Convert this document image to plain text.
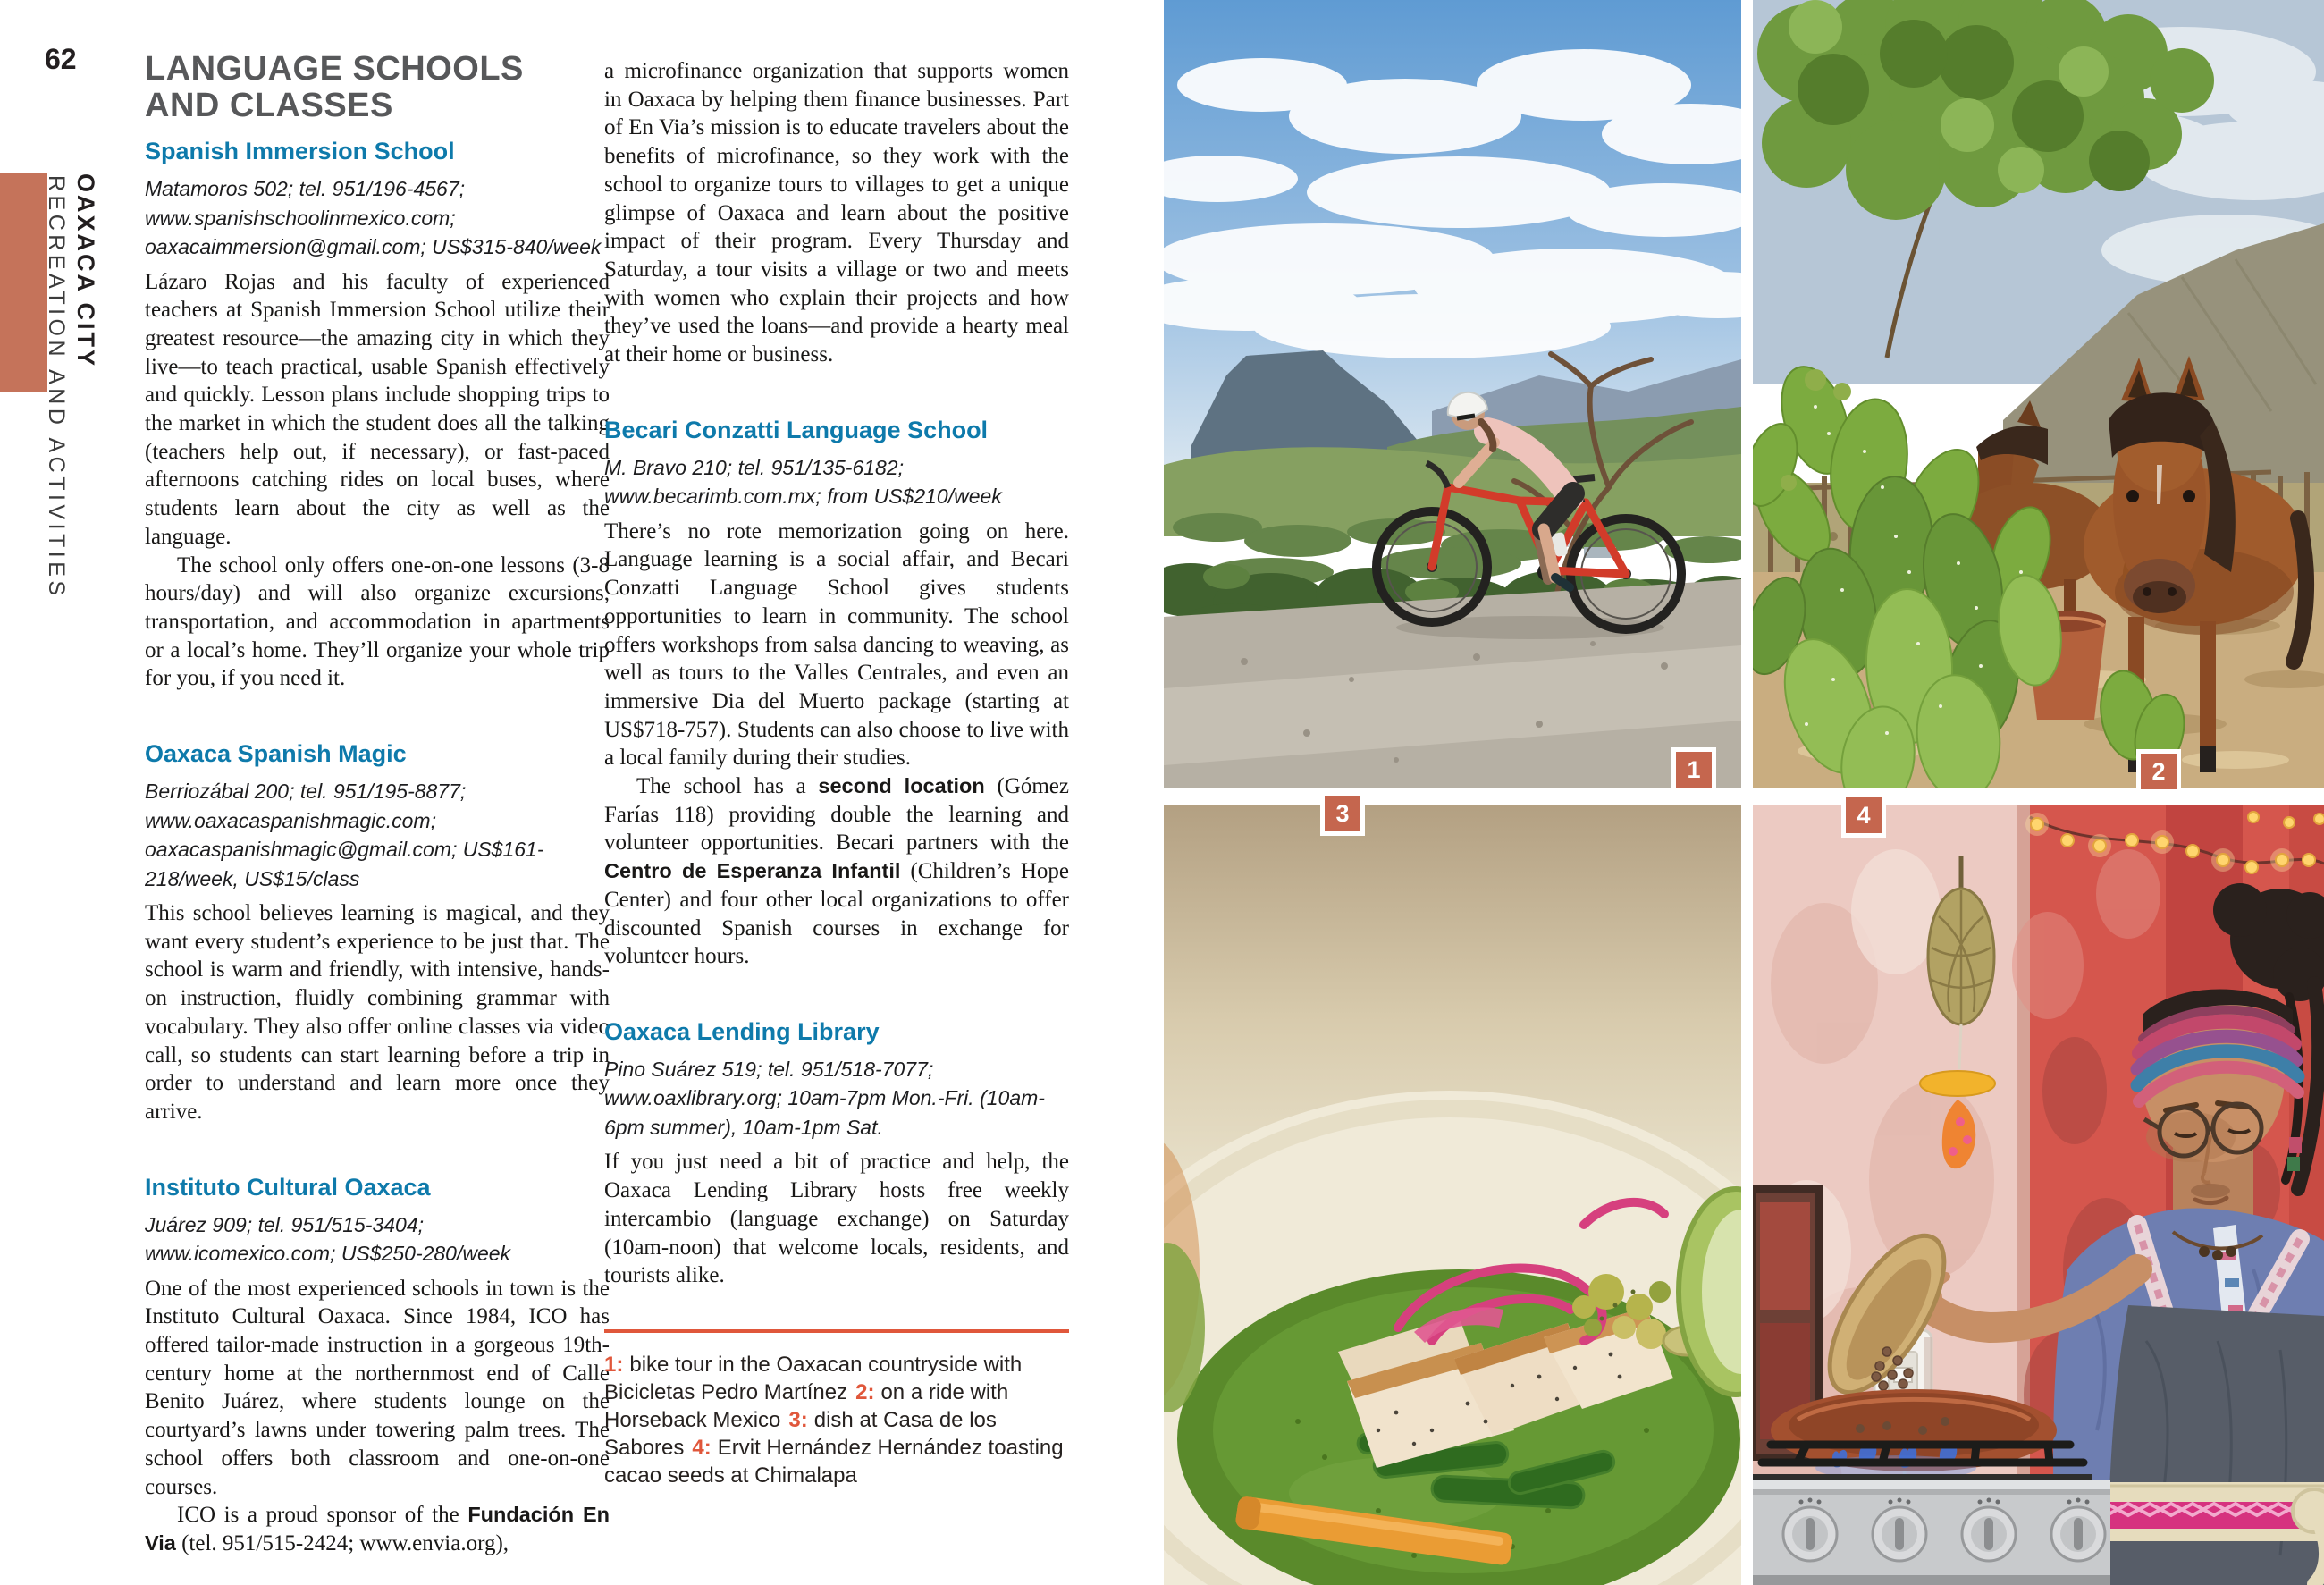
62
OAXACA CITY
RECREATION AND ACTIVITIES
LANGUAGE SCHOOLS
AND CLASSES
Spanish Immersion School

Matamoros 502; tel. 951/196-4567; www.spanishschoolinmexico.com; oaxacaimmersion@gmail.com; US$315-840/week

Lázaro Rojas and his faculty of experienced teachers at Spanish Immersion School utilize their greatest resource—the amazing city in which they live—to teach practical, usable Spanish effectively and quickly. Lesson plans include shopping trips to the market in which the student does all the talking (teachers help out, if necessary), or fast-paced afternoons catching rides on local buses, where students learn about the city as well as the language.

The school only offers one-on-one lessons (3-8 hours/day) and will also organize excursions, transportation, and accommodation in apartments or a local’s home. They’ll organize your whole trip for you, if you need it.

Oaxaca Spanish Magic

Berriozábal 200; tel. 951/195-8877; www.oaxacaspanishmagic.com; oaxacaspanishmagic@gmail.com; US$161-218/week, US$15/class

This school believes learning is magical, and they want every student’s experience to be just that. The school is warm and friendly, with intensive, hands-on instruction, fluidly combining grammar with vocabulary. They also offer online classes via video call, so students can start learning before a trip in order to understand and learn more once they arrive.

Instituto Cultural Oaxaca

Juárez 909; tel. 951/515-3404; www.icomexico.com; US$250-280/week

One of the most experienced schools in town is the Instituto Cultural Oaxaca. Since 1984, ICO has offered tailor-made instruction in a gorgeous 19th-century home at the northernmost end of Calle Benito Juárez, where students lounge on the courtyard’s lawns under towering palm trees. The school offers both classroom and one-on-one courses.

ICO is a proud sponsor of the Fundación En Via (tel. 951/515-2424; www.envia.org),

a microfinance organization that supports women in Oaxaca by helping them finance businesses. Part of En Via’s mission is to educate travelers about the benefits of microfinance, so they work with the school to organize tours to villages to get a unique glimpse of Oaxaca and learn about the positive impact of their program. Every Thursday and Saturday, a tour visits a village or two and meets with women who explain their projects and how they’ve used the loans—and provide a hearty meal at their home or business.

Becari Conzatti Language School

M. Bravo 210; tel. 951/135-6182; www.becarimb.com.mx; from US$210/week

There’s no rote memorization going on here. Language learning is a social affair, and Becari Conzatti Language School gives students opportunities to learn in community. The school offers workshops from salsa dancing to weaving, as well as tours to the Valles Centrales, and even an immersive Dia del Muerto package (starting at US$718-757). Students can also choose to live with a local family during their studies.

The school has a second location (Gómez Farías 118) providing double the learning and volunteer opportunities. Becari partners with the Centro de Esperanza Infantil (Children’s Hope Center) and four other local organizations to offer discounted Spanish courses in exchange for volunteer hours.

Oaxaca Lending Library

Pino Suárez 519; tel. 951/518-7077; www.oaxlibrary.org; 10am-7pm Mon.-Fri. (10am-6pm summer), 10am-1pm Sat.

If you just need a bit of practice and help, the Oaxaca Lending Library hosts free weekly intercambio (language exchange) on Saturday (10am-noon) that welcome locals, residents, and tourists alike.

1: bike tour in the Oaxacan countryside with Bicicletas Pedro Martínez 2: on a ride with Horseback Mexico 3: dish at Casa de los Sabores 4: Ervit Hernández Hernández toasting cacao seeds at Chimalapa

1	2
3	4
